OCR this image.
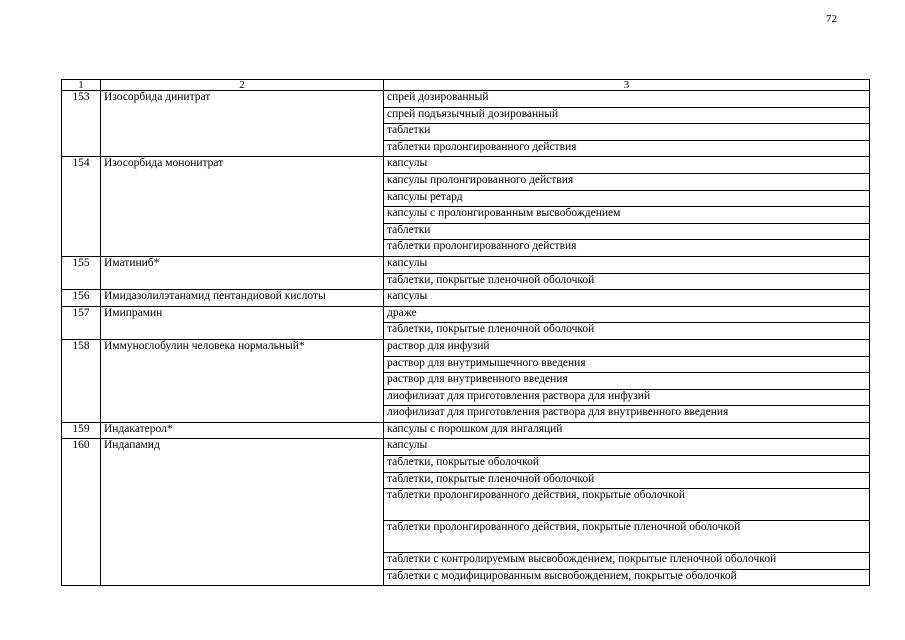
72
1	2	3
153	Изосорбида динитрат	спрей дозированный
		спрей подъязычный дозированный
		таблетки
		таблетки пролонгированного действия
154	Изосорбида мононитрат	капсулы
		капсулы пролонгированного действия
		капсулы ретард
		капсулы с пролонгированным высвобождением
		таблетки
		таблетки пролонгированного действия
155	Иматиниб*	капсулы
		таблетки, покрытые пленочной оболочкой
156	Имидазолилэтанамид пентандиовой кислоты	капсулы
157	Имипрамин	драже
		таблетки, покрытые пленочной оболочкой
158	Иммуноглобулин человека нормальный*	раствор для инфузий
		раствор для внутримышечного введения
		раствор для внутривенного введения
		лиофилизат для приготовления раствора для инфузий
		лиофилизат для приготовления раствора для внутривенного введения
159	Индакатерол*	капсулы с порошком для ингаляций
160	Индапамид	капсулы
		таблетки, покрытые оболочкой
		таблетки, покрытые пленочной оболочкой
		таблетки пролонгированного действия, покрытые оболочкой
		таблетки пролонгированного действия, покрытые пленочной оболочкой
		таблетки с контролируемым высвобождением, покрытые пленочной оболочкой
		таблетки с модифицированным высвобождением, покрытые оболочкой
